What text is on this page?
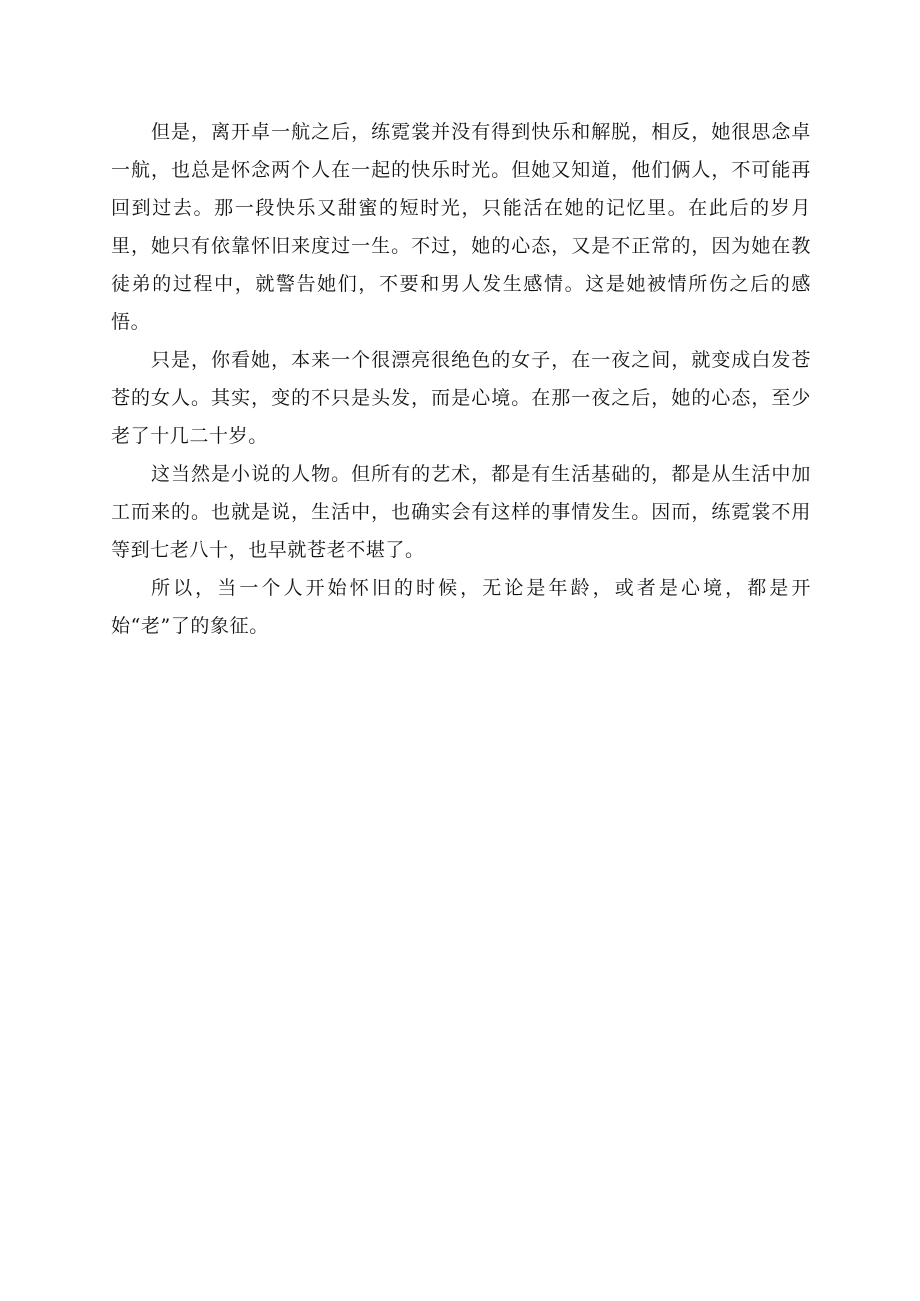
但是，离开卓一航之后，练霓裳并没有得到快乐和解脱，相反，她很思念卓一航，也总是怀念两个人在一起的快乐时光。但她又知道，他们俩人，不可能再回到过去。那一段快乐又甜蜜的短时光，只能活在她的记忆里。在此后的岁月里，她只有依靠怀旧来度过一生。不过，她的心态，又是不正常的，因为她在教徒弟的过程中，就警告她们，不要和男人发生感情。这是她被情所伤之后的感悟。

只是，你看她，本来一个很漂亮很绝色的女子，在一夜之间，就变成白发苍苍的女人。其实，变的不只是头发，而是心境。在那一夜之后，她的心态，至少老了十几二十岁。

这当然是小说的人物。但所有的艺术，都是有生活基础的，都是从生活中加工而来的。也就是说，生活中，也确实会有这样的事情发生。因而，练霓裳不用等到七老八十，也早就苍老不堪了。

所以，当一个人开始怀旧的时候，无论是年龄，或者是心境，都是开始“老”了的象征。
